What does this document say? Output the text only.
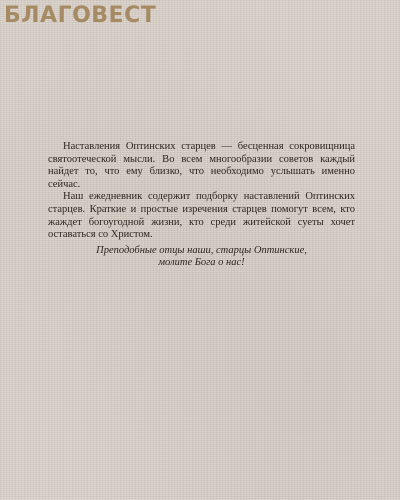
БЛАГОВЕСТ

Наставления Оптинских старцев — бесценная сокровищница святоотеческой мысли. Во всем многообразии советов каждый найдет то, что ему близко, что необходимо услышать именно сейчас.

Наш ежедневник содержит подборку наставлений Оптинских старцев. Краткие и простые изречения старцев помогут всем, кто жаждет богоугодной жизни, кто среди житейской суеты хочет оставаться со Христом.

Преподобные отцы наши, старцы Оптинские,
молите Бога о нас!
